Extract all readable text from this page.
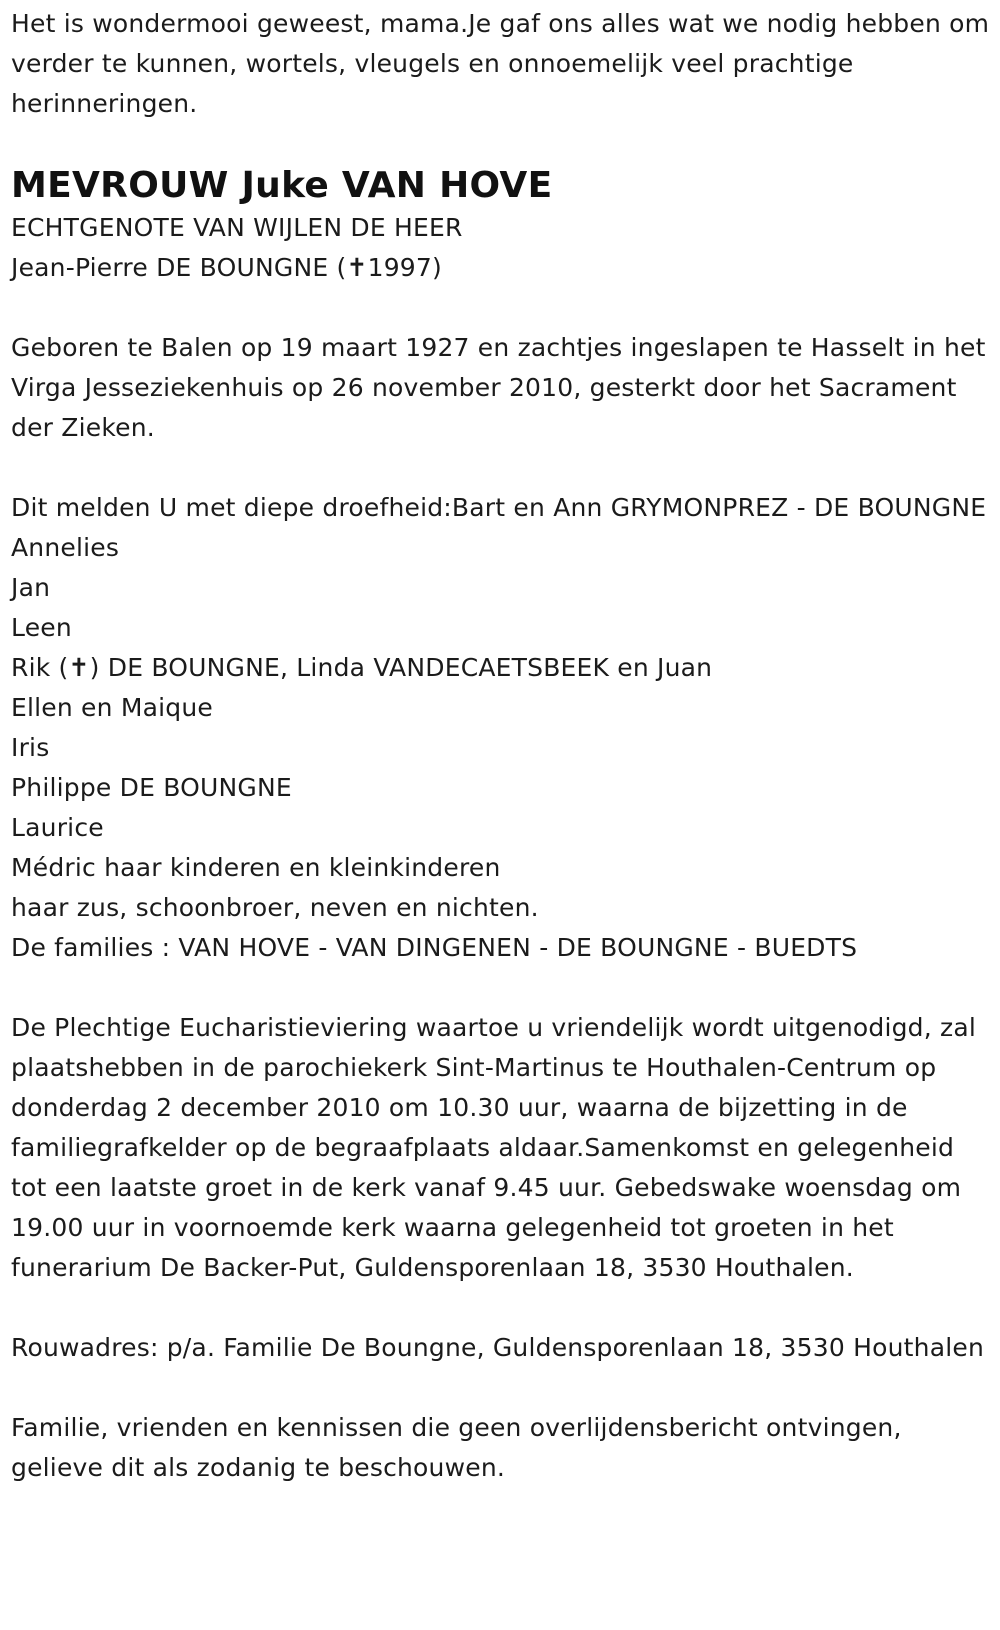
Het is wondermooi geweest, mama.Je gaf ons alles wat we nodig hebben om verder te kunnen, wortels, vleugels en onnoemelijk veel prachtige herinneringen.

MEVROUW Juke VAN HOVE
ECHTGENOTE VAN WIJLEN DE HEER
Jean-Pierre DE BOUNGNE (✝1997)

Geboren te Balen op 19 maart 1927 en zachtjes ingeslapen te Hasselt in het Virga Jesseziekenhuis op 26 november 2010, gesterkt door het Sacrament der Zieken.

Dit melden U met diepe droefheid:Bart en Ann GRYMONPREZ - DE BOUNGNE

Annelies
Jan
Leen
Rik (✝) DE BOUNGNE, Linda VANDECAETSBEEK en Juan
Ellen en Maique
Iris
Philippe DE BOUNGNE
Laurice
Médric haar kinderen en kleinkinderen
haar zus, schoonbroer, neven en nichten.
De families : VAN HOVE - VAN DINGENEN - DE BOUNGNE - BUEDTS

De Plechtige Eucharistieviering waartoe u vriendelijk wordt uitgenodigd, zal plaatshebben in de parochiekerk Sint-Martinus te Houthalen-Centrum op donderdag 2 december 2010 om 10.30 uur, waarna de bijzetting in de familiegrafkelder op de begraafplaats aldaar.Samenkomst en gelegenheid tot een laatste groet in de kerk vanaf 9.45 uur. Gebedswake woensdag om 19.00 uur in voornoemde kerk waarna gelegenheid tot groeten in het funerarium De Backer-Put, Guldensporenlaan 18, 3530 Houthalen.

Rouwadres: p/a. Familie De Boungne, Guldensporenlaan 18, 3530 Houthalen

Familie, vrienden en kennissen die geen overlijdensbericht ontvingen, gelieve dit als zodanig te beschouwen.
